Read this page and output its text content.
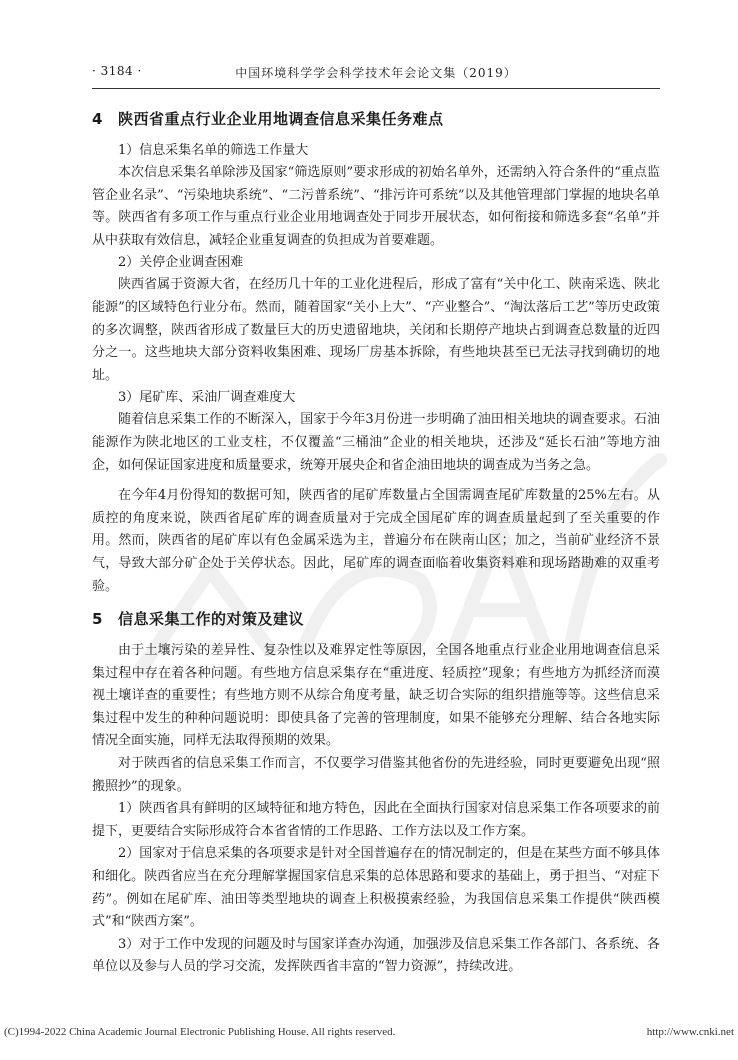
· 3184 ·	中国环境科学学会科学技术年会论文集（2019）
4 陕西省重点行业企业用地调查信息采集任务难点

1）信息采集名单的筛选工作量大

本次信息采集名单除涉及国家“筛选原则”要求形成的初始名单外，还需纳入符合条件的“重点监管企业名录”、“污染地块系统”、“二污普系统”、“排污许可系统”以及其他管理部门掌握的地块名单等。陕西省有多项工作与重点行业企业用地调查处于同步开展状态，如何衔接和筛选多套“名单”并从中获取有效信息，减轻企业重复调查的负担成为首要难题。

2）关停企业调查困难

陕西省属于资源大省，在经历几十年的工业化进程后，形成了富有“关中化工、陕南采选、陕北能源”的区域特色行业分布。然而，随着国家“关小上大”、“产业整合”、“淘汰落后工艺”等历史政策的多次调整，陕西省形成了数量巨大的历史遗留地块，关闭和长期停产地块占到调查总数量的近四分之一。这些地块大部分资料收集困难、现场厂房基本拆除，有些地块甚至已无法寻找到确切的地址。

3）尾矿库、采油厂调查难度大

随着信息采集工作的不断深入，国家于今年3月份进一步明确了油田相关地块的调查要求。石油能源作为陕北地区的工业支柱，不仅覆盖“三桶油”企业的相关地块，还涉及“延长石油”等地方油企，如何保证国家进度和质量要求，统筹开展央企和省企油田地块的调查成为当务之急。

在今年4月份得知的数据可知，陕西省的尾矿库数量占全国需调查尾矿库数量的25%左右。从质控的角度来说，陕西省尾矿库的调查质量对于完成全国尾矿库的调查质量起到了至关重要的作用。然而，陕西省的尾矿库以有色金属采选为主，普遍分布在陕南山区；加之，当前矿业经济不景气，导致大部分矿企处于关停状态。因此，尾矿库的调查面临着收集资料难和现场踏勘难的双重考验。

5 信息采集工作的对策及建议

由于土壤污染的差异性、复杂性以及难界定性等原因，全国各地重点行业企业用地调查信息采集过程中存在着各种问题。有些地方信息采集存在“重进度、轻质控”现象；有些地方为抓经济而漠视土壤详查的重要性；有些地方则不从综合角度考量，缺乏切合实际的组织措施等等。这些信息采集过程中发生的种种问题说明：即使具备了完善的管理制度，如果不能够充分理解、结合各地实际情况全面实施，同样无法取得预期的效果。

对于陕西省的信息采集工作而言，不仅要学习借鉴其他省份的先进经验，同时更要避免出现“照搬照抄”的现象。

1）陕西省具有鲜明的区域特征和地方特色，因此在全面执行国家对信息采集工作各项要求的前提下，更要结合实际形成符合本省省情的工作思路、工作方法以及工作方案。

2）国家对于信息采集的各项要求是针对全国普遍存在的情况制定的，但是在某些方面不够具体和细化。陕西省应当在充分理解掌握国家信息采集的总体思路和要求的基础上，勇于担当、“对症下药”。例如在尾矿库、油田等类型地块的调查上积极摸索经验，为我国信息采集工作提供“陕西模式”和“陕西方案”。

3）对于工作中发现的问题及时与国家详查办沟通，加强涉及信息采集工作各部门、各系统、各单位以及参与人员的学习交流，发挥陕西省丰富的“智力资源”，持续改进。

(C)1994-2022 China Academic Journal Electronic Publishing House. All rights reserved.	http://www.cnki.net
